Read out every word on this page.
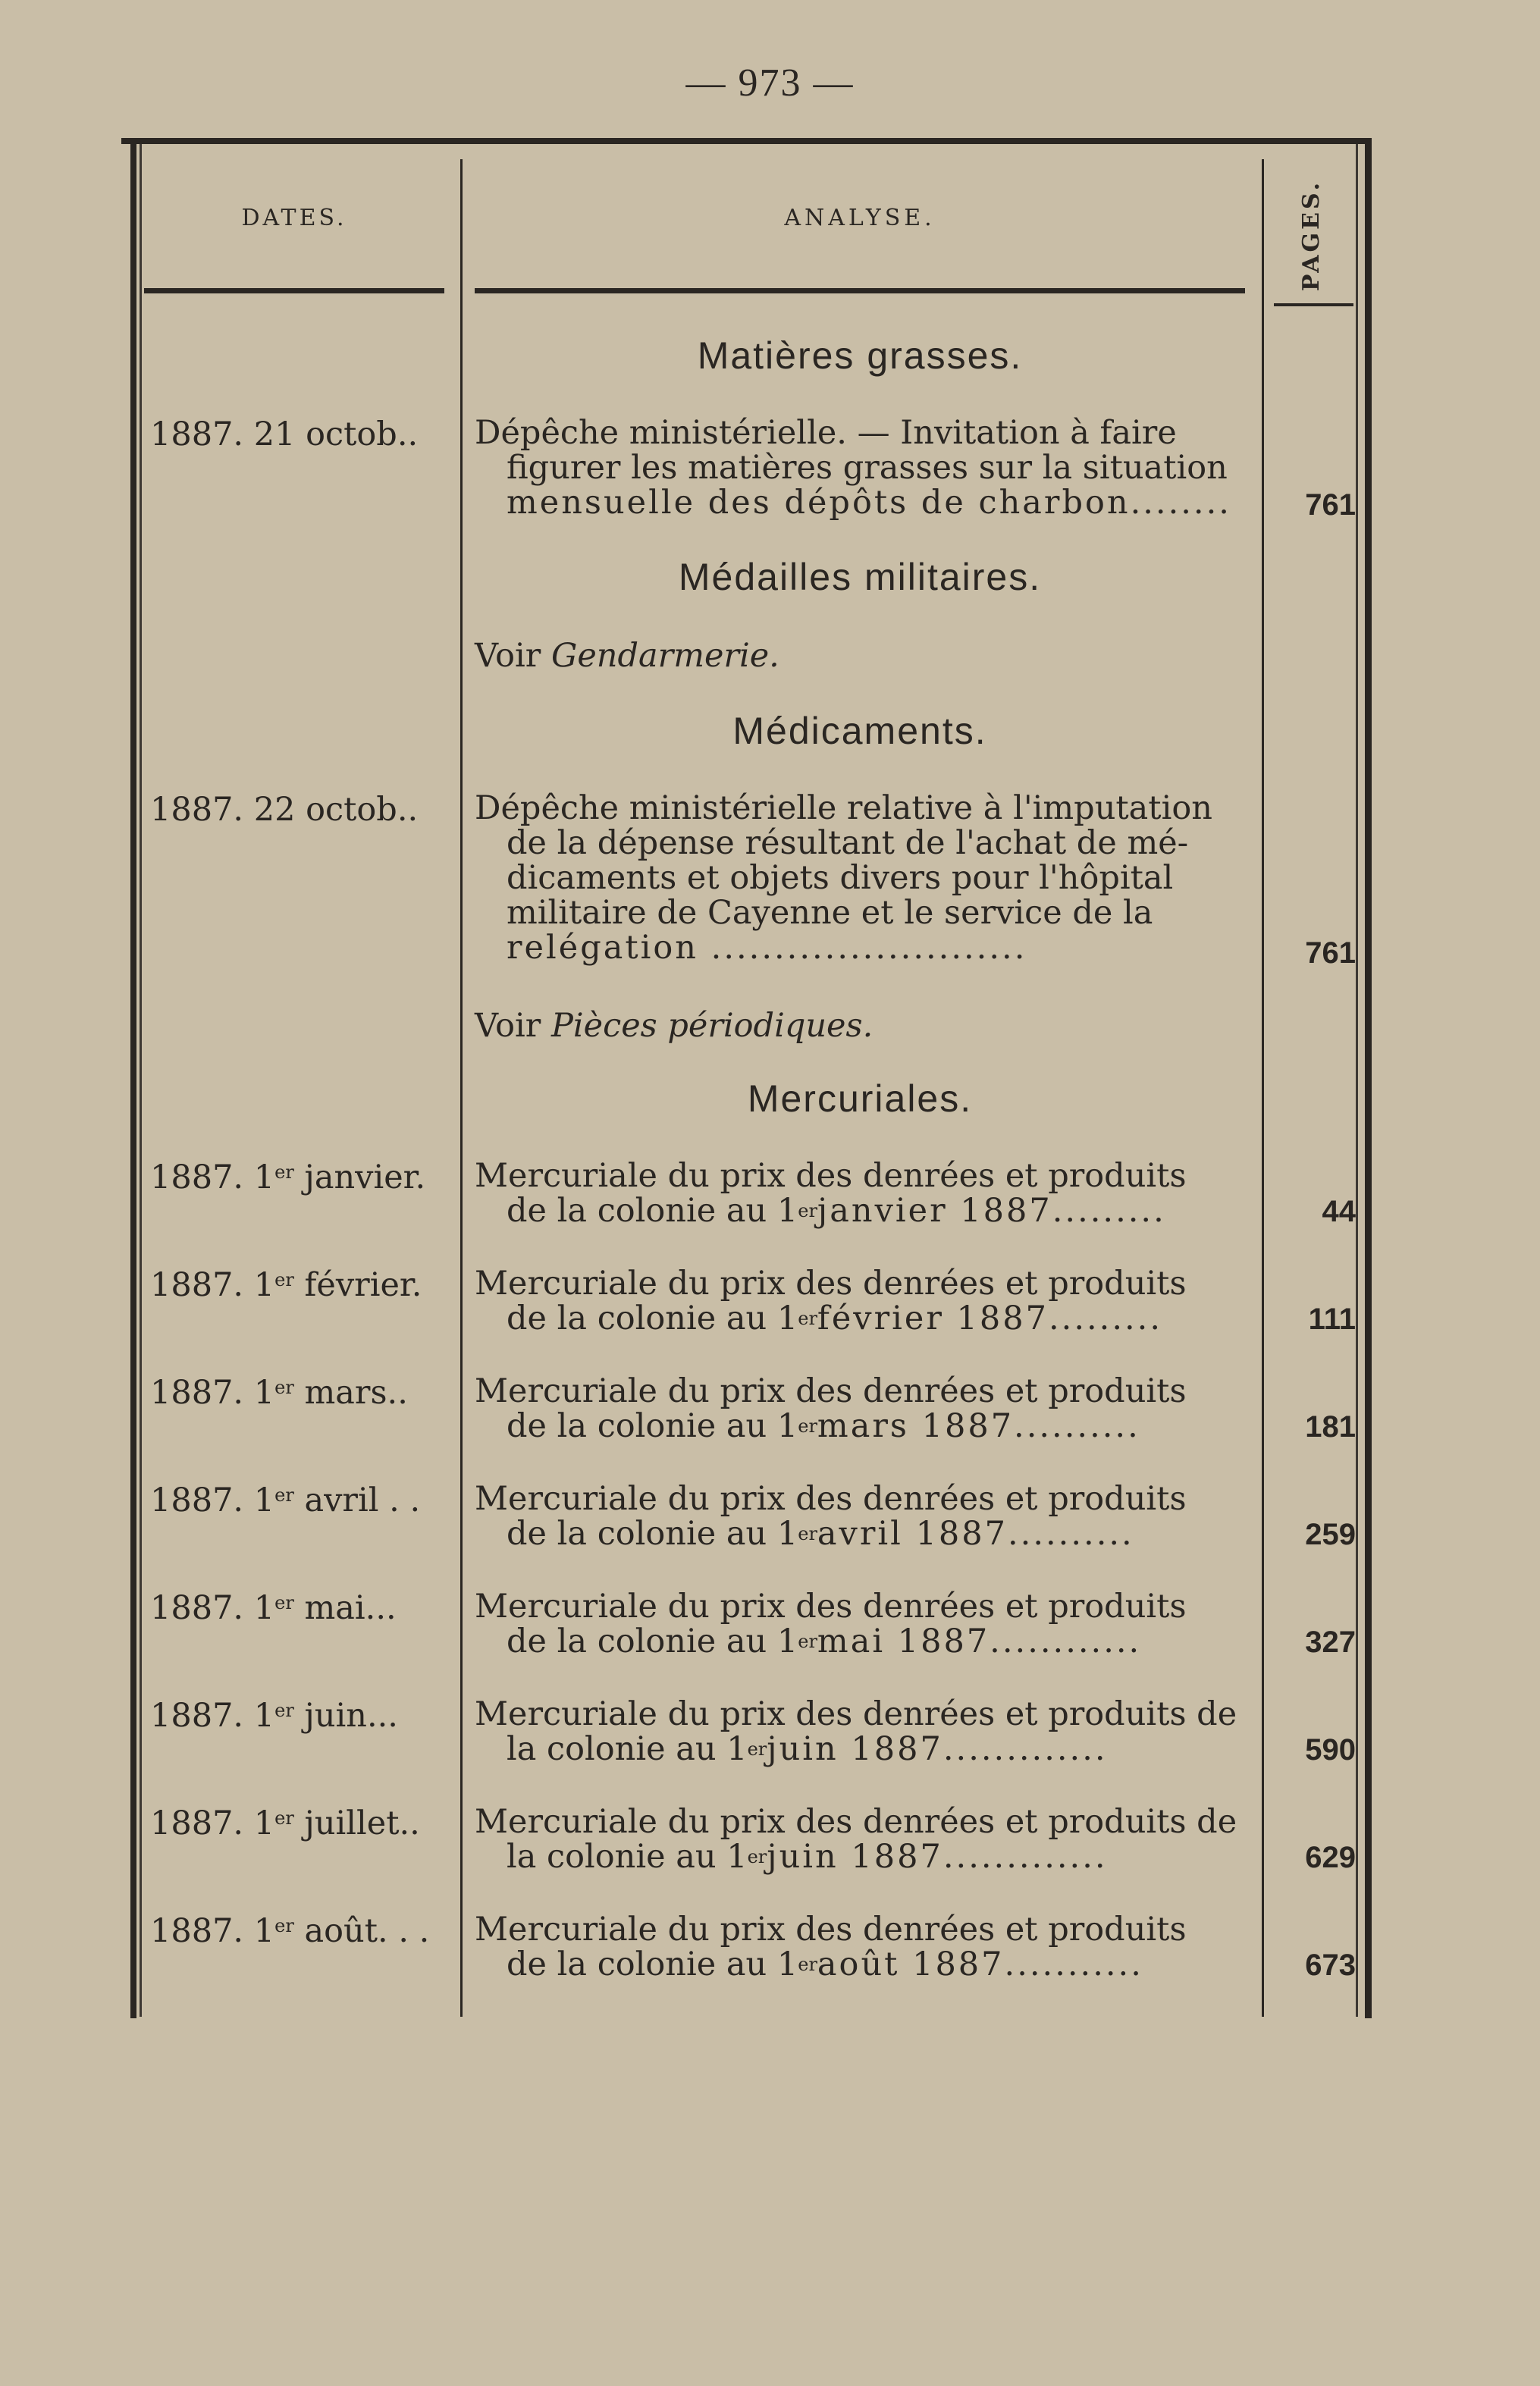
— 973 —
DATES.	ANALYSE.	PAGES.
Matières grasses.
1887. 21 octob..	Dépêche ministérielle. — Invitation à faire
figurer les matières grasses sur la situation
mensuelle des dépôts de charbon........	761
Médailles militaires.
Voir Gendarmerie.
Médicaments.
1887. 22 octob..	Dépêche ministérielle relative à l'imputation
de la dépense résultant de l'achat de mé-
dicaments et objets divers pour l'hôpital
militaire de Cayenne et le service de la
relégation .........................	761
Voir Pièces périodiques.
Mercuriales.
1887. 1er janvier.	Mercuriale du prix des denrées et produits
de la colonie au 1 er janvier 1887.........	44
1887. 1er février.	Mercuriale du prix des denrées et produits
de la colonie au 1 er février 1887.........	111
1887. 1er mars..	Mercuriale du prix des denrées et produits
de la colonie au 1 er mars 1887..........	181
1887. 1er avril . .	Mercuriale du prix des denrées et produits
de la colonie au 1 er avril 1887..........	259
1887. 1er mai...	Mercuriale du prix des denrées et produits
de la colonie au 1 er mai 1887............	327
1887. 1er juin...	Mercuriale du prix des denrées et produits de
la colonie au 1 er juin 1887.............	590
1887. 1er juillet..	Mercuriale du prix des denrées et produits de
la colonie au 1 er juin 1887.............	629
1887. 1er août. . .	Mercuriale du prix des denrées et produits
de la colonie au 1 er août 1887...........	673
